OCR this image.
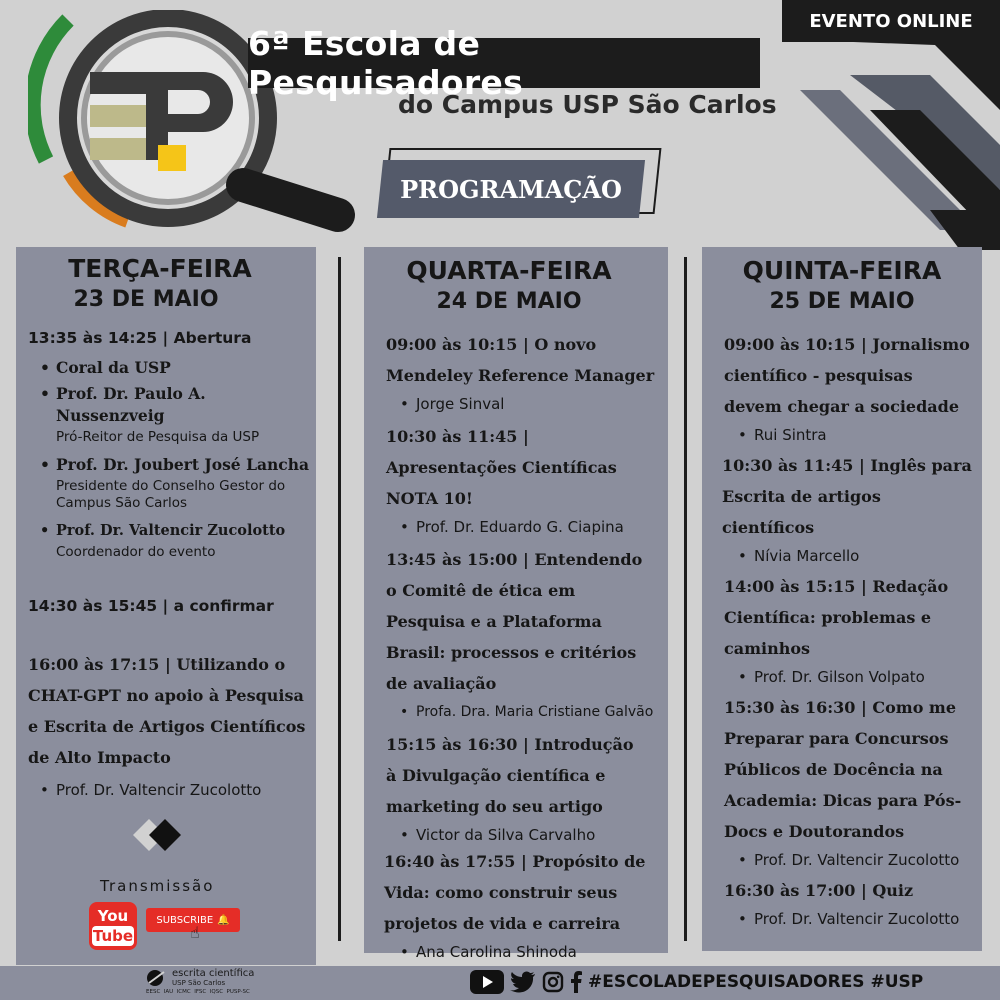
EVENTO ONLINE
6ª Escola de Pesquisadores
do Campus USP São Carlos
PROGRAMAÇÃO
TERÇA-FEIRA
23 DE MAIO
13:35 às 14:25 | Abertura
• Coral da USP
• Prof. Dr. Paulo A. Nussenzveig
Pró-Reitor de Pesquisa da USP
• Prof. Dr. Joubert José Lancha
Presidente do Conselho Gestor do Campus São Carlos
• Prof. Dr. Valtencir Zucolotto
Coordenador do evento
14:30 às 15:45 | a confirmar
16:00 às 17:15 | Utilizando o CHAT-GPT no apoio à Pesquisa e Escrita de Artigos Científicos de Alto Impacto
• Prof. Dr. Valtencir Zucolotto
Transmissão
You
Tube
SUBSCRIBE 🔔
☝
QUARTA-FEIRA
24 DE MAIO
09:00 às 10:15 | O novo Mendeley Reference Manager
• Jorge Sinval
10:30 às 11:45 | Apresentações Científicas NOTA 10!
• Prof. Dr. Eduardo G. Ciapina
13:45 às 15:00 | Entendendo o Comitê de ética em Pesquisa e a Plataforma Brasil: processos e critérios de avaliação
• Profa. Dra. Maria Cristiane Galvão
15:15 às 16:30 | Introdução à Divulgação científica e marketing do seu artigo
• Victor da Silva Carvalho
16:40 às 17:55 | Propósito de Vida: como construir seus projetos de vida e carreira
• Ana Carolina Shinoda
QUINTA-FEIRA
25 DE MAIO
09:00 às 10:15 | Jornalismo científico - pesquisas devem chegar a sociedade
• Rui Sintra
10:30 às 11:45 | Inglês para Escrita de artigos científicos
• Nívia Marcello
14:00 às 15:15 | Redação Científica: problemas e caminhos
• Prof. Dr. Gilson Volpato
15:30 às 16:30 | Como me Preparar para Concursos Públicos de Docência na Academia: Dicas para Pós-Docs e Doutorandos
• Prof. Dr. Valtencir Zucolotto
16:30 às 17:00 | Quiz
• Prof. Dr. Valtencir Zucolotto
escrita científica
USP São Carlos
EESC  IAU  ICMC  IFSC  IQSC  PUSP-SC	#ESCOLADEPESQUISADORES #USP
